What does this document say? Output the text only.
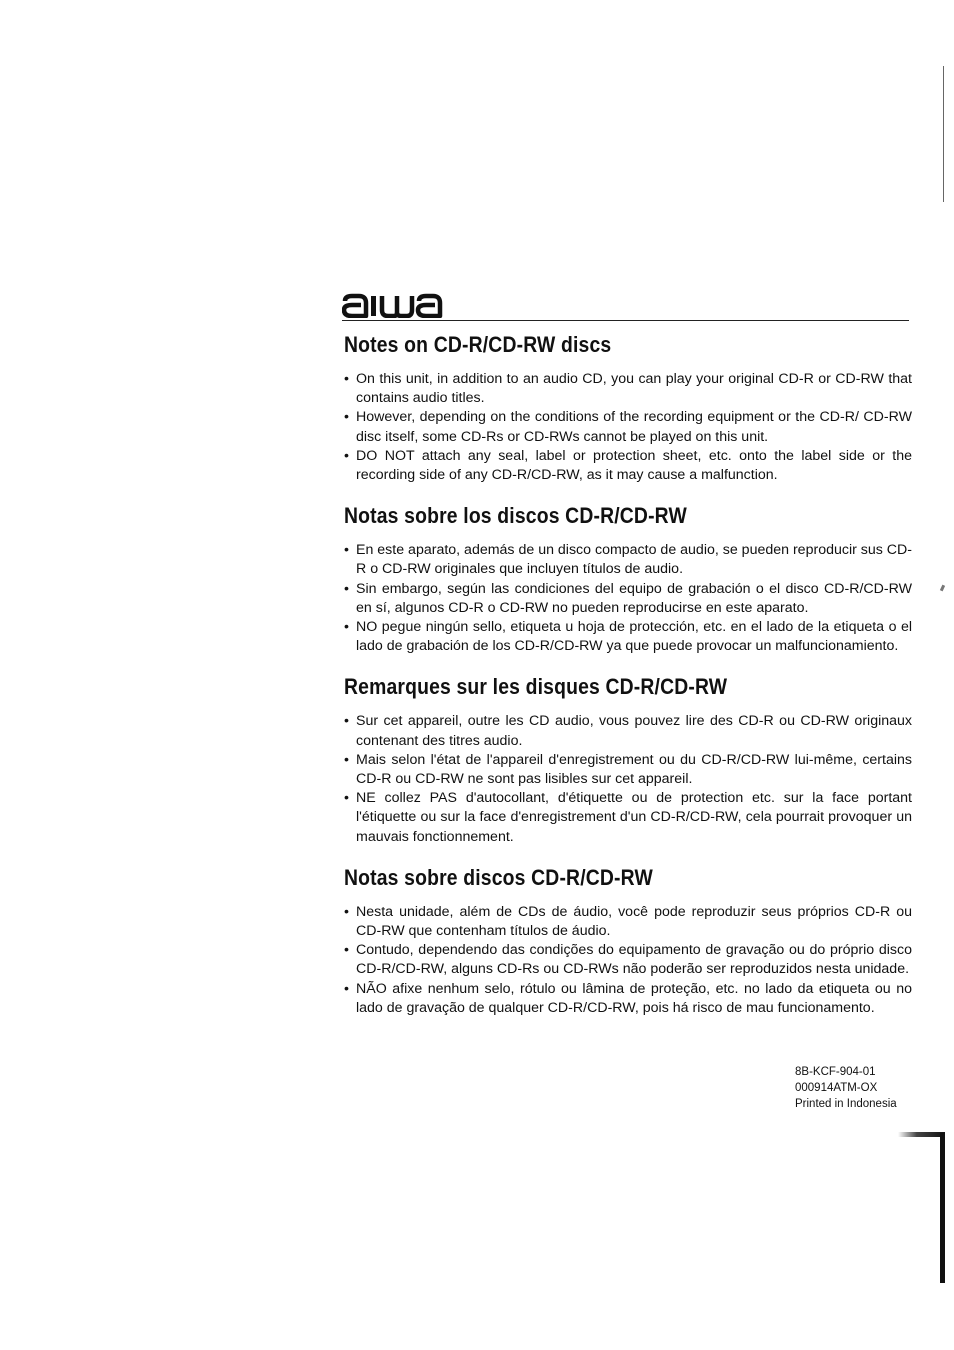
Notes on CD-R/CD-RW discs
• On this unit, in addition to an audio CD, you can play your original CD-R or CD-RW that contains audio titles.
• However, depending on the conditions of the recording equipment or the CD-R/ CD-RW disc itself, some CD-Rs or CD-RWs cannot be played on this unit.
• DO NOT attach any seal, label or protection sheet, etc. onto the label side or the recording side of any CD-R/CD-RW, as it may cause a malfunction.
Notas sobre los discos CD-R/CD-RW
• En este aparato, además de un disco compacto de audio, se pueden reproducir sus CD-R o CD-RW originales que incluyen títulos de audio.
• Sin embargo, según las condiciones del equipo de grabación o el disco CD-R/CD-RW en sí, algunos CD-R o CD-RW no pueden reproducirse en este aparato.
• NO pegue ningún sello, etiqueta u hoja de protección, etc. en el lado de la etiqueta o el lado de grabación de los CD-R/CD-RW ya que puede provocar un malfuncionamiento.
Remarques sur les disques CD-R/CD-RW
• Sur cet appareil, outre les CD audio, vous pouvez lire des CD-R ou CD-RW originaux contenant des titres audio.
• Mais selon l'état de l'appareil d'enregistrement ou du CD-R/CD-RW lui-même, certains CD-R ou CD-RW ne sont pas lisibles sur cet appareil.
• NE collez PAS d'autocollant, d'étiquette ou de protection etc. sur la face portant l'étiquette ou sur la face d'enregistrement d'un CD-R/CD-RW, cela pourrait provoquer un mauvais fonctionnement.
Notas sobre discos CD-R/CD-RW
• Nesta unidade, além de CDs de áudio, você pode reproduzir seus próprios CD-R ou CD-RW que contenham títulos de áudio.
• Contudo, dependendo das condições do equipamento de gravação ou do próprio disco CD-R/CD-RW, alguns CD-Rs ou CD-RWs não poderão ser reproduzidos nesta unidade.
• NÃO afixe nenhum selo, rótulo ou lâmina de proteção, etc. no lado da etiqueta ou no lado de gravação de qualquer CD-R/CD-RW, pois há risco de mau funcionamento.
8B-KCF-904-01
000914ATM-OX
Printed in Indonesia
